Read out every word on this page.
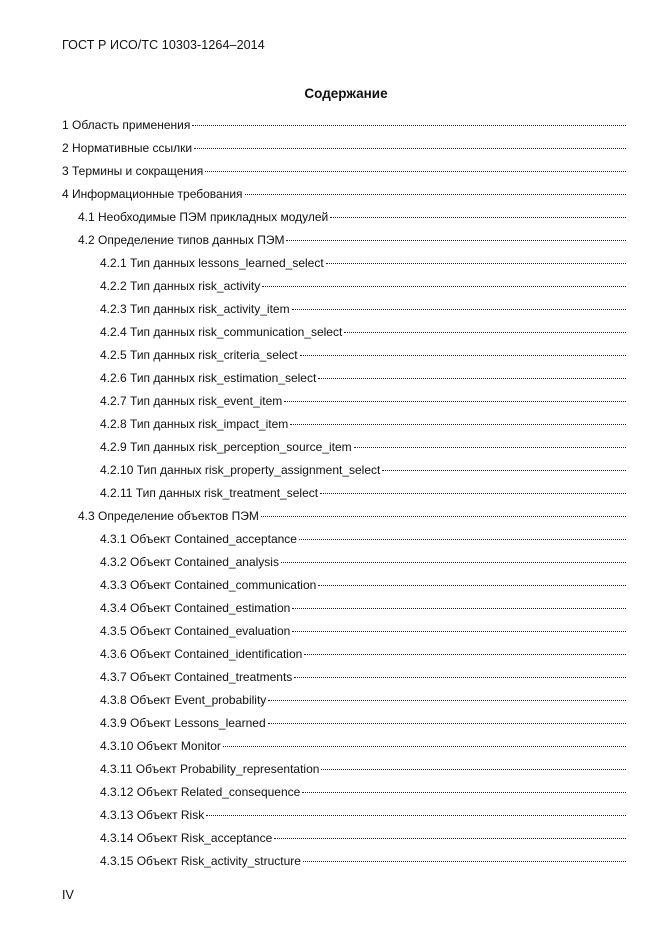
ГОСТ Р ИСО/ТС 10303-1264–2014
Содержание
1 Область применения
2 Нормативные ссылки
3 Термины и сокращения
4 Информационные требования
4.1 Необходимые ПЭМ прикладных модулей
4.2 Определение типов данных ПЭМ
4.2.1 Тип данных lessons_learned_select
4.2.2 Тип данных risk_activity
4.2.3 Тип данных risk_activity_item
4.2.4 Тип данных risk_communication_select
4.2.5 Тип данных risk_criteria_select
4.2.6 Тип данных risk_estimation_select
4.2.7 Тип данных risk_event_item
4.2.8 Тип данных risk_impact_item
4.2.9 Тип данных risk_perception_source_item
4.2.10 Тип данных risk_property_assignment_select
4.2.11 Тип данных risk_treatment_select
4.3 Определение объектов ПЭМ
4.3.1 Объект Contained_acceptance
4.3.2 Объект Contained_analysis
4.3.3 Объект Contained_communication
4.3.4 Объект Contained_estimation
4.3.5 Объект Contained_evaluation
4.3.6 Объект Contained_identification
4.3.7 Объект Contained_treatments
4.3.8 Объект Event_probability
4.3.9 Объект Lessons_learned
4.3.10 Объект Monitor
4.3.11 Объект Probability_representation
4.3.12 Объект Related_consequence
4.3.13 Объект Risk
4.3.14 Объект Risk_acceptance
4.3.15 Объект Risk_activity_structure
IV
